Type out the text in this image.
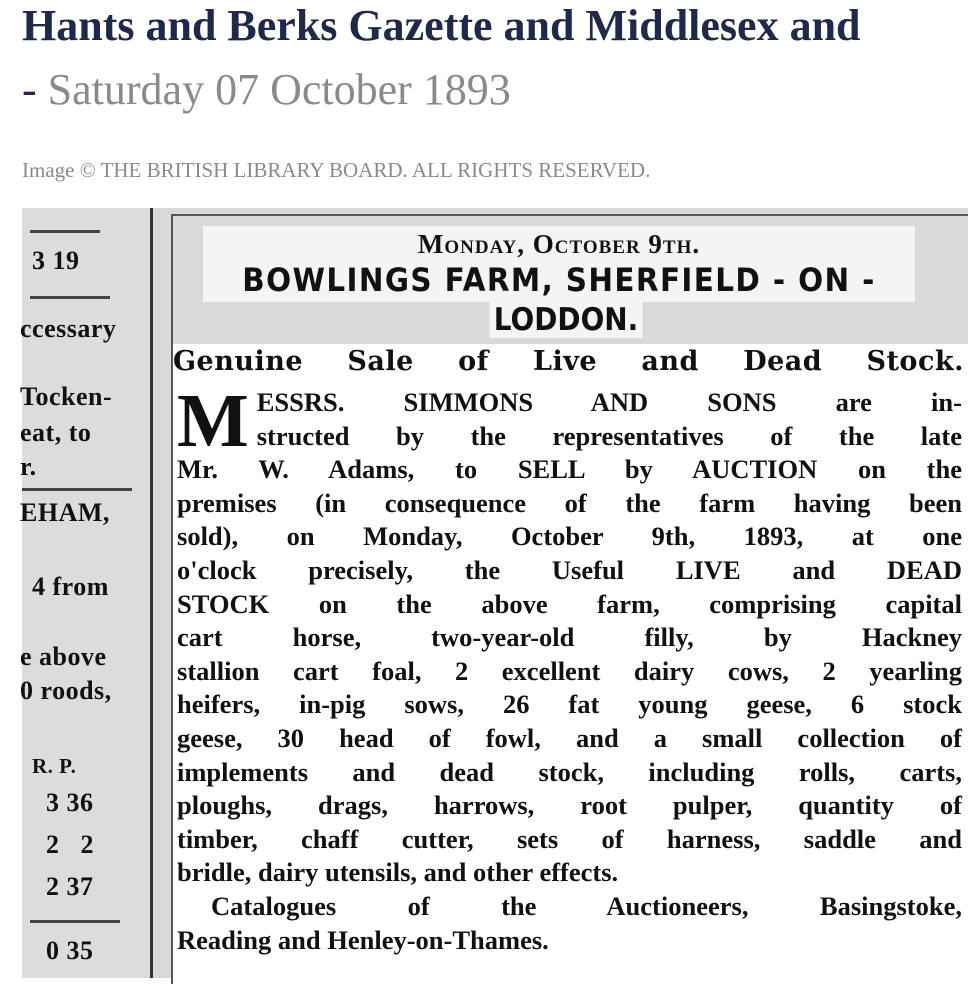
Hants and Berks Gazette and Middlesex and
- Saturday 07 October 1893
Image © THE BRITISH LIBRARY BOARD. ALL RIGHTS RESERVED.
3 19
ccessary
Tocken-
eat, to
r.
EHAM,
4 from
e above
0 roods,
R. P.
3 36
2   2
2 37
0 35
Monday, October 9th.
BOWLINGS FARM, SHERFIELD - ON -
LODDON.
Genuine Sale of Live and Dead Stock.
M ESSRS. SIMMONS AND SONS are in-
structed by the representatives of the late
Mr. W. Adams, to SELL by AUCTION on the
premises (in consequence of the farm having been
sold), on Monday, October 9th, 1893, at one
o'clock precisely, the Useful LIVE and DEAD
STOCK on the above farm, comprising capital
cart horse, two-year-old filly, by Hackney
stallion cart foal, 2 excellent dairy cows, 2 yearling
heifers, in-pig sows, 26 fat young geese, 6 stock
geese, 30 head of fowl, and a small collection of
implements and dead stock, including rolls, carts,
ploughs, drags, harrows, root pulper, quantity of
timber, chaff cutter, sets of harness, saddle and
bridle, dairy utensils, and other effects.
Catalogues of the Auctioneers, Basingstoke,
Reading and Henley-on-Thames.
